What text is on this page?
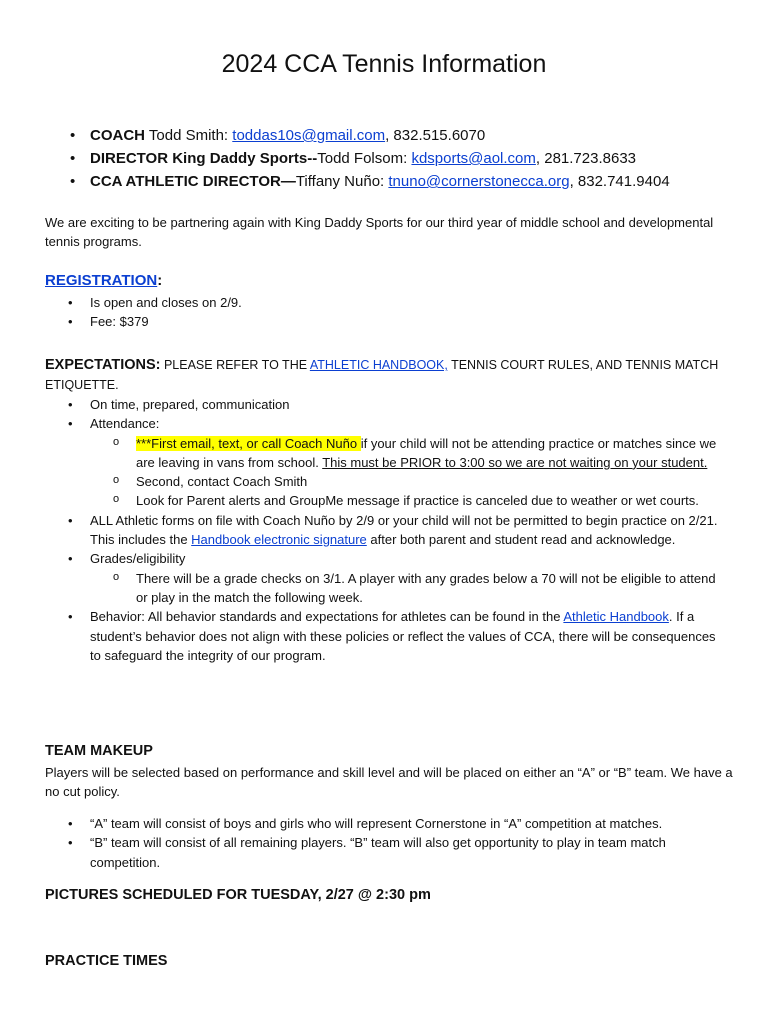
2024 CCA Tennis Information
• COACH Todd Smith: toddas10s@gmail.com, 832.515.6070
• DIRECTOR King Daddy Sports--Todd Folsom: kdsports@aol.com, 281.723.8633
• CCA ATHLETIC DIRECTOR—Tiffany Nuño: tnuno@cornerstonecca.org, 832.741.9404

We are exciting to be partnering again with King Daddy Sports for our third year of middle school and developmental tennis programs.

REGISTRATION:

• Is open and closes on 2/9.
• Fee: $379

EXPECTATIONS: PLEASE REFER TO THE ATHLETIC HANDBOOK, TENNIS COURT RULES, AND TENNIS MATCH ETIQUETTE.

• On time, prepared, communication
• Attendance:
o ***First email, text, or call Coach Nuño if your child will not be attending practice or matches since we are leaving in vans from school. This must be PRIOR to 3:00 so we are not waiting on your student.
o Second, contact Coach Smith
o Look for Parent alerts and GroupMe message if practice is canceled due to weather or wet courts.
• ALL Athletic forms on file with Coach Nuño by 2/9 or your child will not be permitted to begin practice on 2/21. This includes the Handbook electronic signature after both parent and student read and acknowledge.
• Grades/eligibility
o There will be a grade checks on 3/1. A player with any grades below a 70 will not be eligible to attend or play in the match the following week.
• Behavior: All behavior standards and expectations for athletes can be found in the Athletic Handbook. If a student’s behavior does not align with these policies or reflect the values of CCA, there will be consequences to safeguard the integrity of our program.

TEAM MAKEUP

Players will be selected based on performance and skill level and will be placed on either an “A” or “B” team. We have a no cut policy.

• “A” team will consist of boys and girls who will represent Cornerstone in “A” competition at matches.
• “B” team will consist of all remaining players. “B” team will also get opportunity to play in team match competition.

PICTURES SCHEDULED FOR TUESDAY, 2/27 @ 2:30 pm

PRACTICE TIMES
